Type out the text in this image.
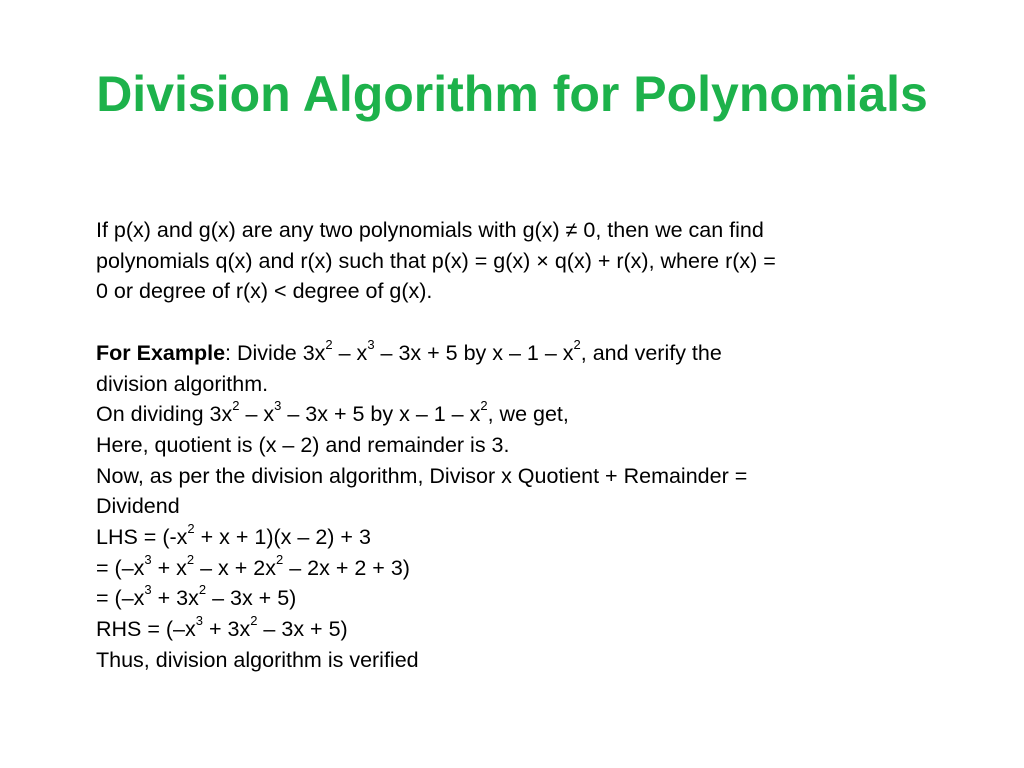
Division Algorithm for Polynomials
If p(x) and g(x) are any two polynomials with g(x) ≠ 0, then we can find
polynomials q(x) and r(x) such that p(x) = g(x) × q(x) + r(x), where r(x) =
0 or degree of r(x) < degree of g(x).
For Example: Divide $3x^2 - x^3 - 3x + 5$ by x – $1 - x^2$, and verify the
division algorithm.
On dividing $3x^2 - x^3 - 3x + 5$ by x – $1 - x^2$, we get,
Here, quotient is (x – 2) and remainder is 3.
Now, as per the division algorithm, Divisor x Quotient + Remainder =
Dividend
LHS = $(-x^2 + x + 1)(x - 2) + 3$
= $(-x^3 + x^2 - x + 2x^2 - 2x + 2 + 3)$
= $(-x^3 + 3x^2 - 3x + 5)$
RHS = $(-x^3 + 3x^2 - 3x + 5)$
Thus, division algorithm is verified
